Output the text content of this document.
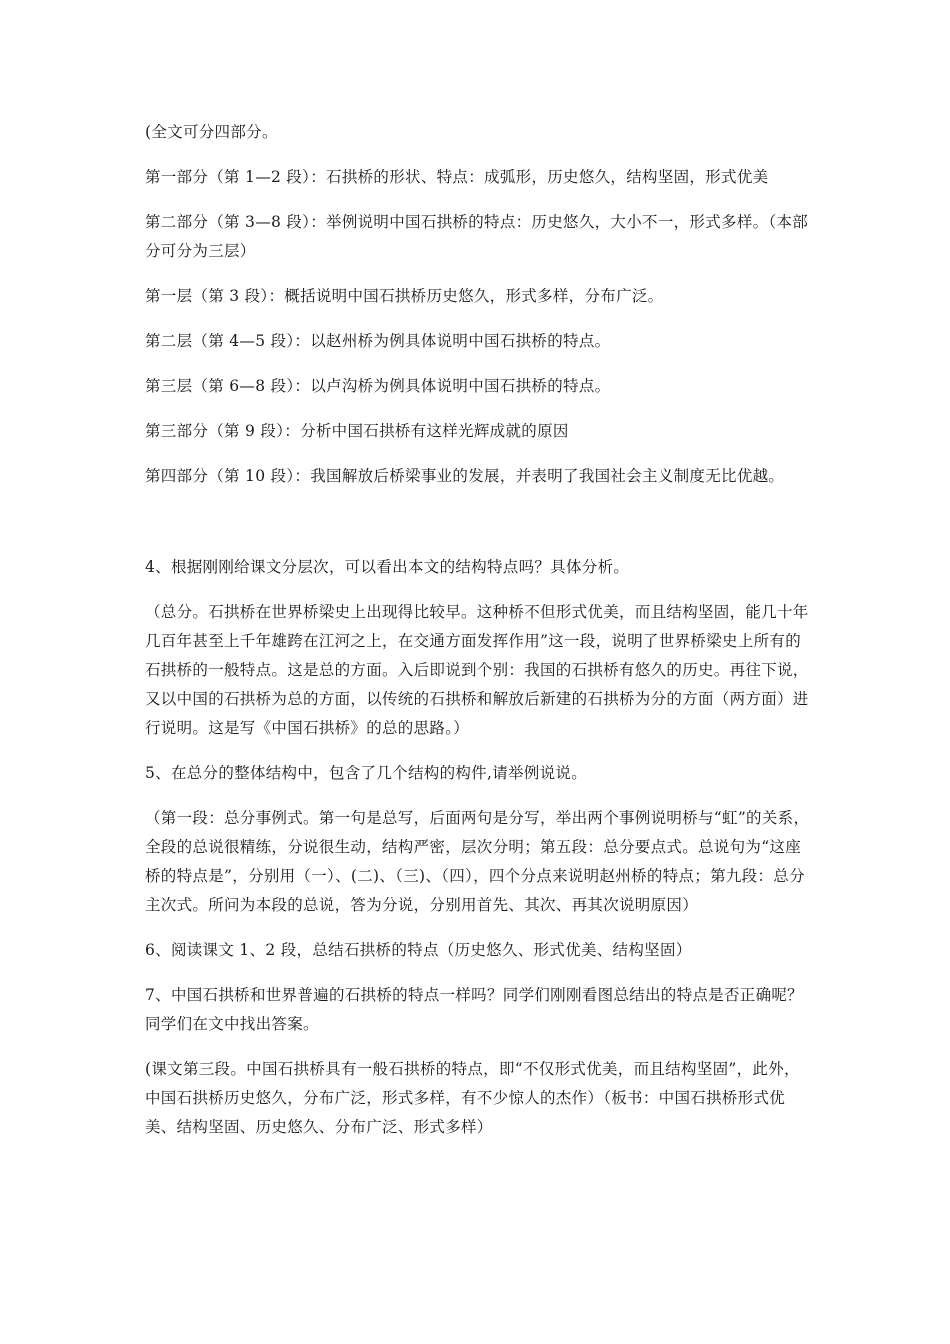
(全文可分四部分。

第一部分（第 1—2 段）：石拱桥的形状、特点：成弧形，历史悠久，结构坚固，形式优美

第二部分（第 3—8 段）：举例说明中国石拱桥的特点：历史悠久，大小不一，形式多样。（本部分可分为三层）

第一层（第 3 段）：概括说明中国石拱桥历史悠久，形式多样，分布广泛。

第二层（第 4—5 段）：以赵州桥为例具体说明中国石拱桥的特点。

第三层（第 6—8 段）：以卢沟桥为例具体说明中国石拱桥的特点。

第三部分（第 9 段）：分析中国石拱桥有这样光辉成就的原因

第四部分（第 10 段）：我国解放后桥梁事业的发展，并表明了我国社会主义制度无比优越。

4、根据刚刚给课文分层次，可以看出本文的结构特点吗？具体分析。

（总分。石拱桥在世界桥梁史上出现得比较早。这种桥不但形式优美，而且结构坚固，能几十年几百年甚至上千年雄跨在江河之上，在交通方面发挥作用”这一段，说明了世界桥梁史上所有的石拱桥的一般特点。这是总的方面。入后即说到个别：我国的石拱桥有悠久的历史。再往下说，又以中国的石拱桥为总的方面，以传统的石拱桥和解放后新建的石拱桥为分的方面（两方面）进行说明。这是写《中国石拱桥》的总的思路。）

5、在总分的整体结构中，包含了几个结构的构件,请举例说说。

（第一段：总分事例式。第一句是总写，后面两句是分写，举出两个事例说明桥与“虹”的关系，全段的总说很精练，分说很生动，结构严密，层次分明；第五段：总分要点式。总说句为“这座桥的特点是”，分别用（一）、(二)、（三)、（四），四个分点来说明赵州桥的特点；第九段：总分主次式。所问为本段的总说，答为分说，分别用首先、其次、再其次说明原因）

6、阅读课文 1、2 段，总结石拱桥的特点（历史悠久、形式优美、结构坚固）

7、中国石拱桥和世界普遍的石拱桥的特点一样吗？同学们刚刚看图总结出的特点是否正确呢？同学们在文中找出答案。

(课文第三段。中国石拱桥具有一般石拱桥的特点，即“不仅形式优美，而且结构坚固”，此外，中国石拱桥历史悠久，分布广泛，形式多样，有不少惊人的杰作）（板书：中国石拱桥形式优美、结构坚固、历史悠久、分布广泛、形式多样）
